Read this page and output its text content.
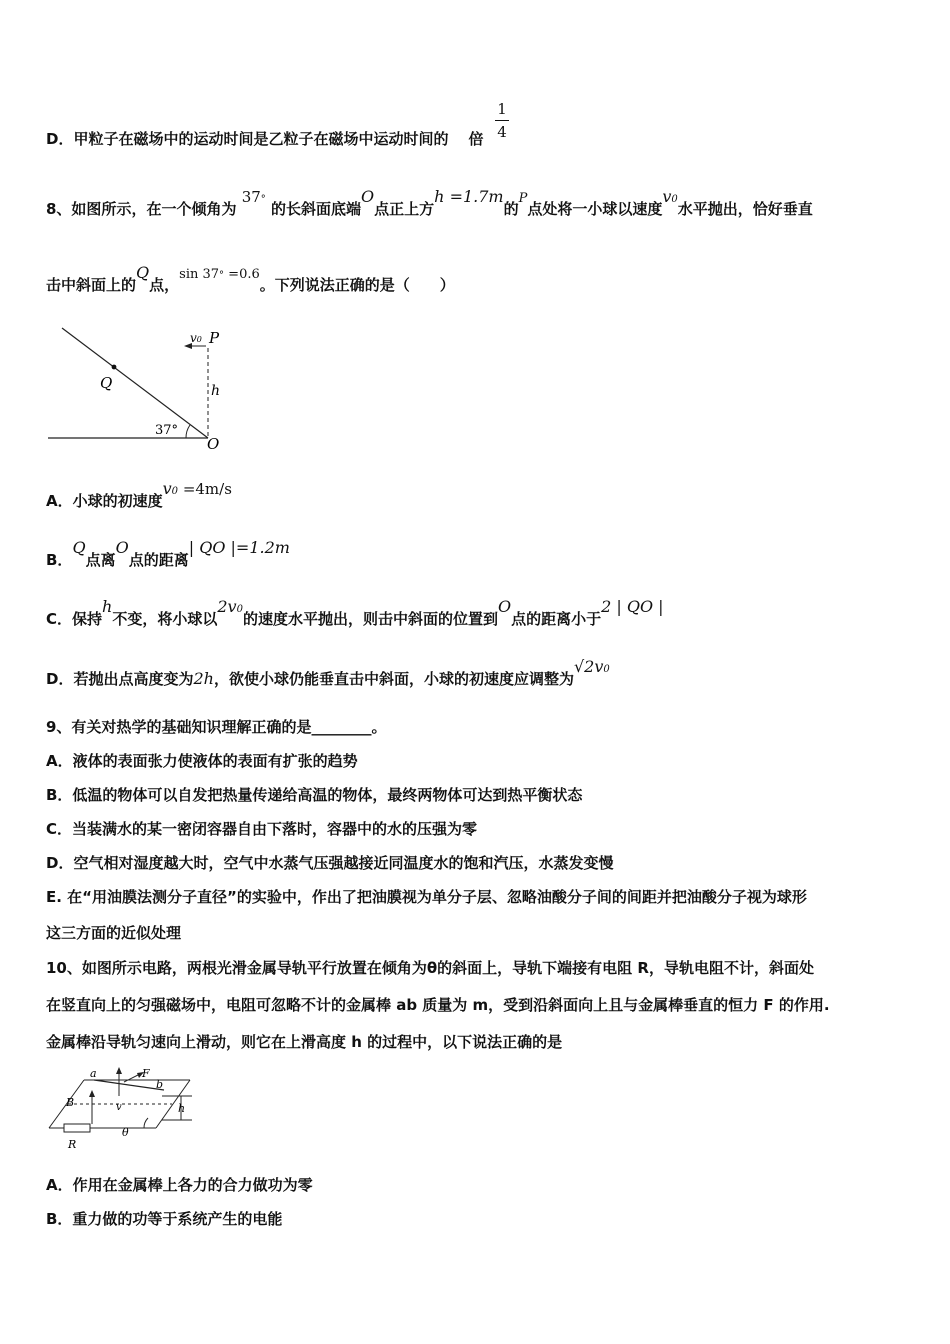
D．甲粒子在磁场中的运动时间是乙粒子在磁场中运动时间的 倍
1
4
8、如图所示，在一个倾角为 37° 的长斜面底端O点正上方h =1.7m的P点处将一小球以速度v0水平抛出，恰好垂直
击中斜面上的Q点，sin 37° =0.6。下列说法正确的是（　　）
v0 P
Q	h
37°
O
A．小球的初速度v0 =4m/s
B．Q点离O点的距离| QO |=1.2m
C．保持h不变，将小球以2v0的速度水平抛出，则击中斜面的位置到O点的距离小于2 | QO |
D．若抛出点高度变为2h，欲使小球仍能垂直击中斜面，小球的初速度应调整为√2v0
9、有关对热学的基础知识理解正确的是________。
A．液体的表面张力使液体的表面有扩张的趋势
B．低温的物体可以自发把热量传递给高温的物体，最终两物体可达到热平衡状态
C．当装满水的某一密闭容器自由下落时，容器中的水的压强为零
D．空气相对湿度越大时，空气中水蒸气压强越接近同温度水的饱和汽压，水蒸发变慢
E. 在“用油膜法测分子直径”的实验中，作出了把油膜视为单分子层、忽略油酸分子间的间距并把油酸分子视为球形
这三方面的近似处理
10、如图所示电路，两根光滑金属导轨平行放置在倾角为θ的斜面上，导轨下端接有电阻 R，导轨电阻不计，斜面处
在竖直向上的匀强磁场中，电阻可忽略不计的金属棒 ab 质量为 m，受到沿斜面向上且与金属棒垂直的恒力 F 的作用.
金属棒沿导轨匀速向上滑动，则它在上滑高度 h 的过程中，以下说法正确的是
a	F
b
B	v	h
θ
R
A．作用在金属棒上各力的合力做功为零
B．重力做的功等于系统产生的电能
